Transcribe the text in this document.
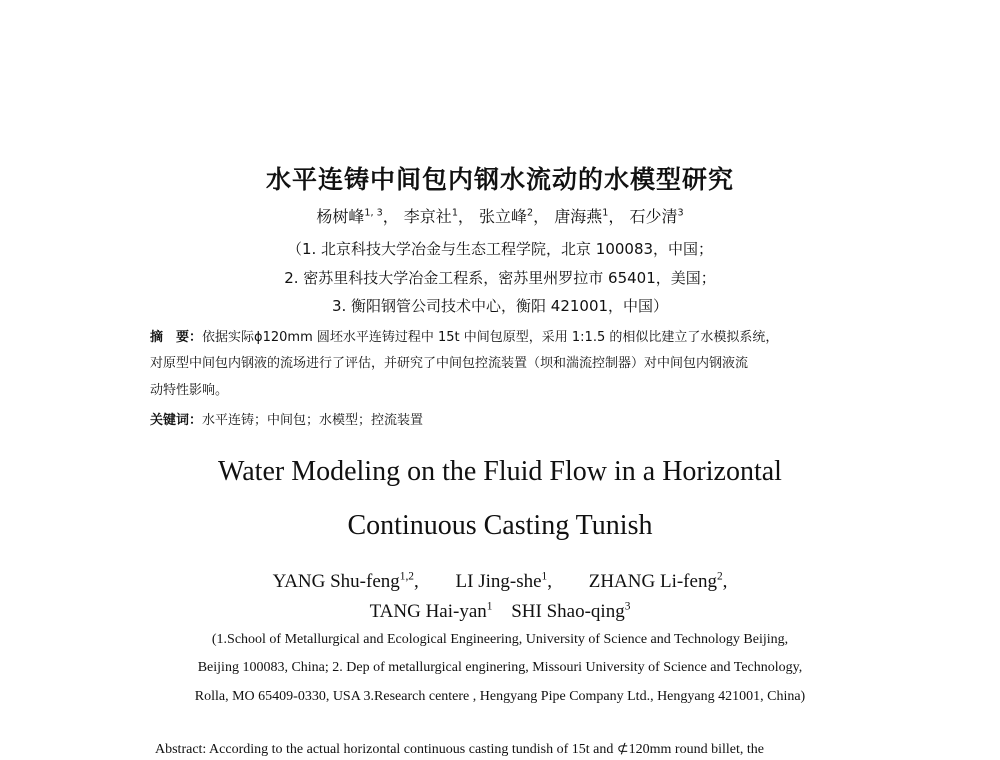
水平连铸中间包内钢水流动的水模型研究
杨树峰$^{1, 3}$， 李京社$^1$， 张立峰$^2$， 唐海燕$^1$， 石少清$^3$
（1. 北京科技大学冶金与生态工程学院，北京 100083，中国；
2. 密苏里科技大学冶金工程系，密苏里州罗拉市 65401，美国；
3. 衡阳钢管公司技术中心，衡阳 421001，中国）
摘　要：依据实际ϕ120mm 圆坯水平连铸过程中 15t 中间包原型，采用 1:1.5 的相似比建立了水模拟系统，
对原型中间包内钢液的流场进行了评估，并研究了中间包控流装置（坝和湍流控制器）对中间包内钢液流
动特性影响。
关键词：水平连铸；中间包；水模型；控流装置
Water Modeling on the Fluid Flow in a Horizontal
Continuous Casting Tunish
YANG Shu-feng$^{1,2}$, LI Jing-she$^1$, ZHANG Li-feng$^2$,
TANG Hai-yan$^1$ SHI Shao-qing$^3$
(1.School of Metallurgical and Ecological Engineering, University of Science and Technology Beijing,
Beijing 100083, China; 2. Dep of metallurgical enginering, Missouri University of Science and Technology,
Rolla, MO 65409-0330, USA 3.Research centere , Hengyang Pipe Company Ltd., Hengyang 421001, China)
Abstract: According to the actual horizontal continuous casting tundish of 15t and ⊄120mm round billet, the
